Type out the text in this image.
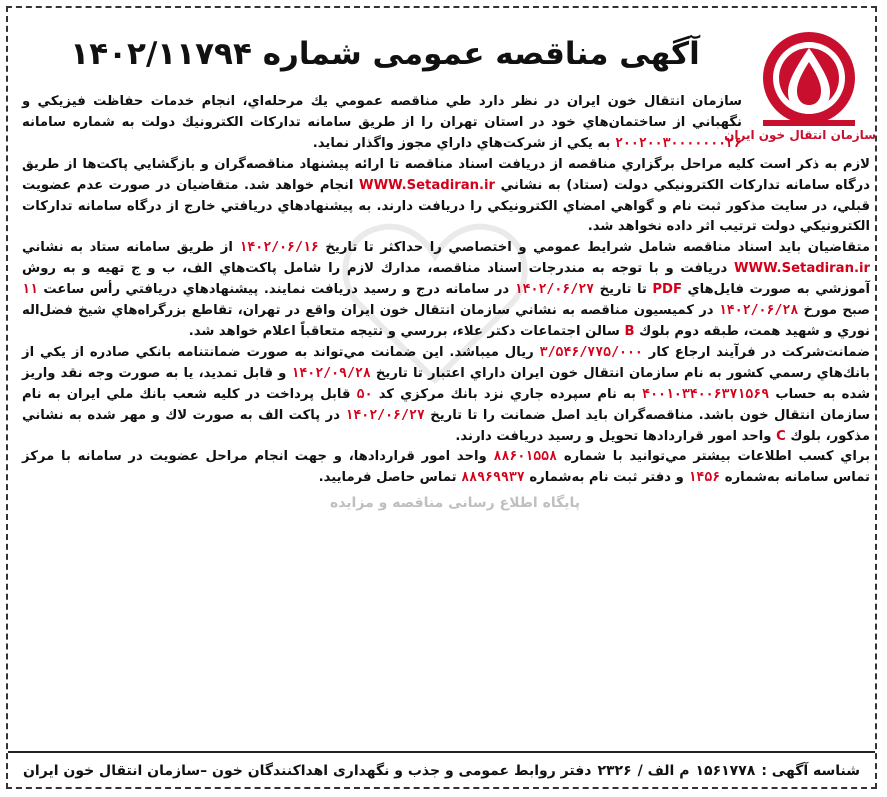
سازمان انتقال خون ایران
آگهی مناقصه عمومی شماره ۱۴۰۲/۱۱۷۹۴

سازمان انتقال خون ايران در نظر دارد طي مناقصه عمومي يك مرحله‌اي، انجام خدمات حفاظت فيزيكي و نگهباني از ساختمان‌هاي خود در استان تهران را از طريق سامانه تداركات الكترونيك دولت به شماره سامانه ۲۰۰۲۰۰۳۰۰۰۰۰۰۰۲۶ به يكي از شركت‌هاي داراي مجوز واگذار نمايد.

لازم به ذكر است كليه مراحل برگزاري مناقصه از دريافت اسناد مناقصه تا ارائه پيشنهاد مناقصه‌گران و بازگشايي پاكت‌ها از طريق درگاه سامانه تداركات الكترونيكي دولت (ستاد) به نشاني WWW.Setadiran.ir انجام خواهد شد. متقاضيان در صورت عدم عضويت قبلي، در سايت مذكور ثبت نام و گواهي امضاي الكترونيكي را دريافت دارند. به پيشنهادهاي دريافتي خارج از درگاه سامانه تداركات الكترونيكي دولت ترتيب اثر داده نخواهد شد.

متقاضيان بايد اسناد مناقصه شامل شرايط عمومي و اختصاصي را حداكثر تا تاريخ ۱۴۰۲/۰۶/۱۶ از طريق سامانه ستاد به نشاني WWW.Setadiran.ir دريافت و با توجه به مندرجات اسناد مناقصه، مدارك لازم را شامل پاكت‌هاي الف، ب و ج تهيه و به روش آموزشي به صورت فايل‌هاي PDF تا تاريخ ۱۴۰۲/۰۶/۲۷ در سامانه درج و رسيد دريافت نمايند. پيشنهادهاي دريافتي رأس ساعت ۱۱ صبح مورخ ۱۴۰۲/۰۶/۲۸ در كميسيون مناقصه به نشاني سازمان انتقال خون ايران واقع در تهران، تقاطع بزرگراه‌هاي شيخ فضل‌اله نوري و شهيد همت، طبقه دوم بلوك B سالن اجتماعات دكتر علاء، بررسي و نتيجه متعاقباً اعلام خواهد شد.

ضمانت‌شركت در فرآيند ارجاع كار ۳/۵۴۶/۷۷۵/۰۰۰ ريال ميباشد. اين ضمانت مي‌تواند به صورت ضمانتنامه بانكي صادره از يكي از بانك‌هاي رسمي كشور به نام سازمان انتقال خون ايران داراي اعتبار تا تاريخ ۱۴۰۲/۰۹/۲۸ و قابل تمديد، يا به صورت وجه نقد واريز شده به حساب ۴۰۰۱۰۳۴۰۰۶۳۷۱۵۶۹ به نام سپرده جاري نزد بانك مركزي كد ۵۰ قابل پرداخت در كليه شعب بانك ملي ايران به نام سازمان انتقال خون باشد. مناقصه‌گران بايد اصل ضمانت را تا تاريخ ۱۴۰۲/۰۶/۲۷ در پاكت الف به صورت لاك و مهر شده به نشاني مذكور، بلوك C واحد امور قراردادها تحويل و رسيد دريافت دارند.

براي كسب اطلاعات بيشتر مي‌توانيد با شماره ۸۸۶۰۱۵۵۸ واحد امور قراردادها، و جهت انجام مراحل عضويت در سامانه با مركز تماس سامانه به‌شماره ۱۴۵۶ و دفتر ثبت نام به‌شماره ۸۸۹۶۹۹۳۷ تماس حاصل فرماييد.

پایگاه اطلاع رسانی مناقصه و مزایده
شناسه آگهی :
۱۵۶۱۷۷۸
م الف /
۲۳۲۶
دفتر روابط عمومی و جذب و نگهداری اهداکنندگان خون –سازمان انتقال خون ایران
